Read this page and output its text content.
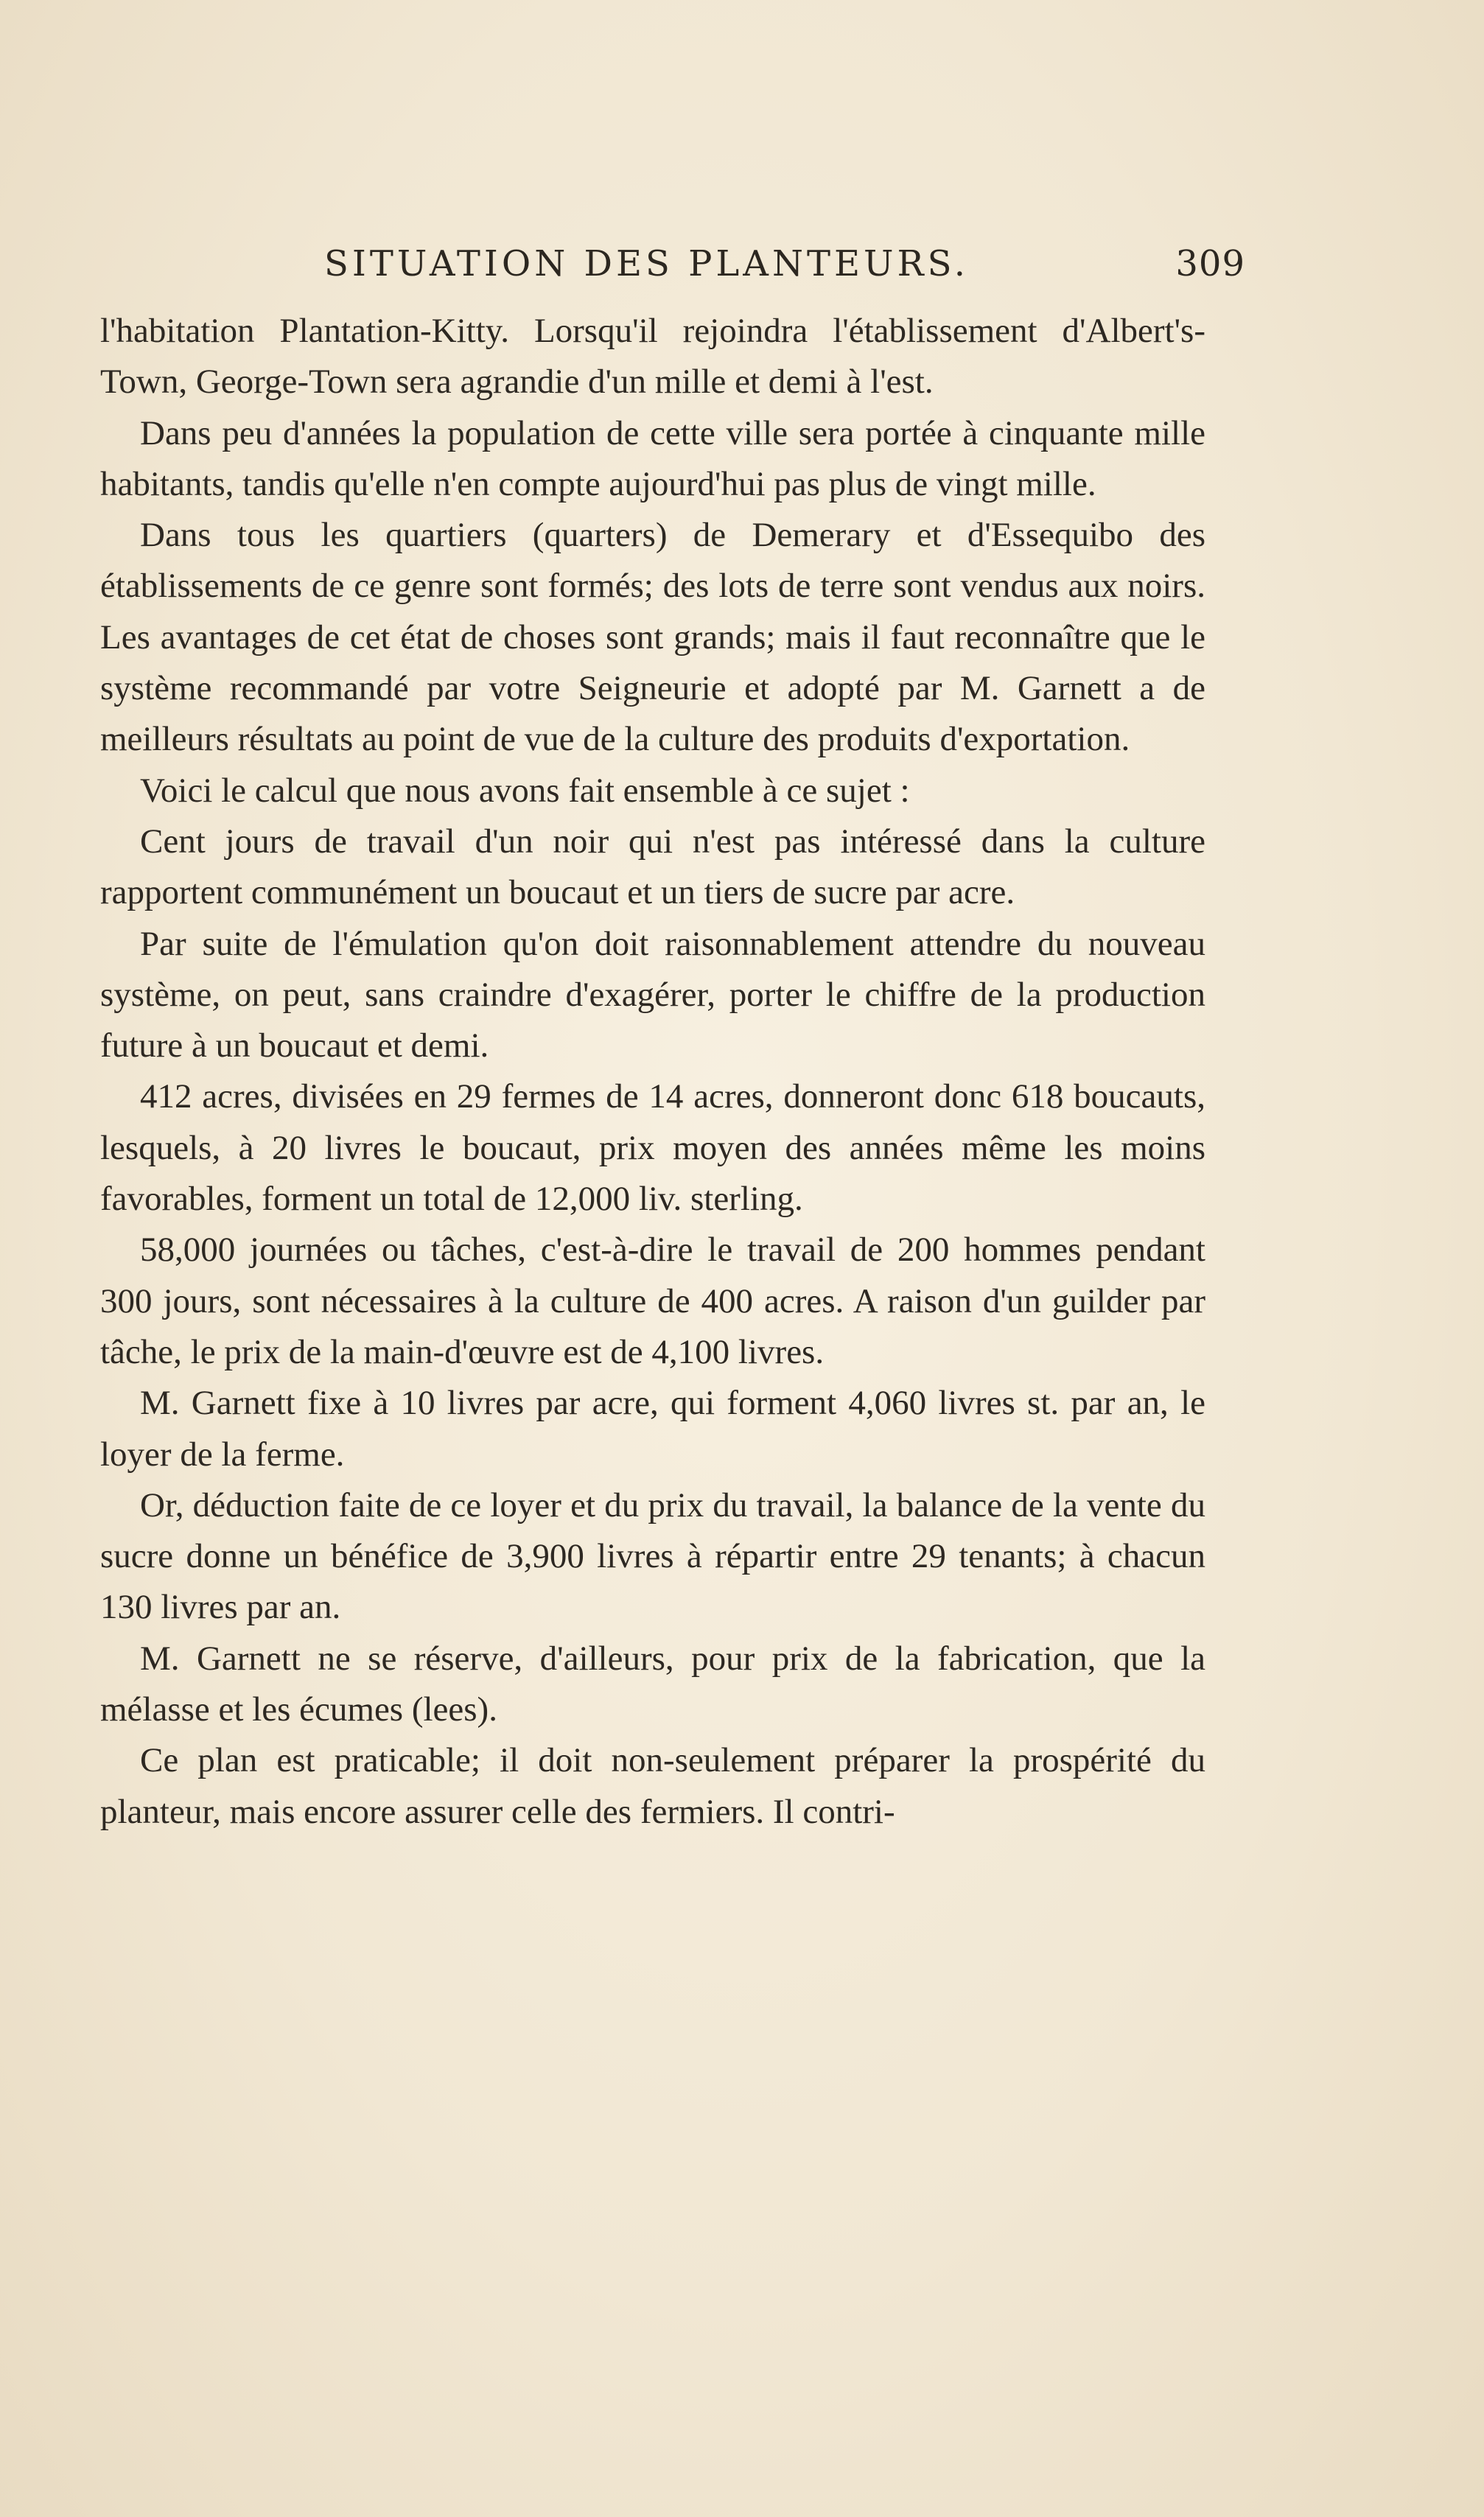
SITUATION DES PLANTEURS.	309

l'habitation Plantation-Kitty. Lorsqu'il rejoindra l'établissement d'Albert's-Town, George-Town sera agrandie d'un mille et demi à l'est.

Dans peu d'années la population de cette ville sera portée à cinquante mille habitants, tandis qu'elle n'en compte aujourd'hui pas plus de vingt mille.

Dans tous les quartiers (quarters) de Demerary et d'Essequibo des établissements de ce genre sont formés; des lots de terre sont vendus aux noirs. Les avantages de cet état de choses sont grands; mais il faut reconnaître que le système recommandé par votre Seigneurie et adopté par M. Garnett a de meilleurs résultats au point de vue de la culture des produits d'exportation.

Voici le calcul que nous avons fait ensemble à ce sujet :

Cent jours de travail d'un noir qui n'est pas intéressé dans la culture rapportent communément un boucaut et un tiers de sucre par acre.

Par suite de l'émulation qu'on doit raisonnablement attendre du nouveau système, on peut, sans craindre d'exagérer, porter le chiffre de la production future à un boucaut et demi.

412 acres, divisées en 29 fermes de 14 acres, donneront donc 618 boucauts, lesquels, à 20 livres le boucaut, prix moyen des années même les moins favorables, forment un total de 12,000 liv. sterling.

58,000 journées ou tâches, c'est-à-dire le travail de 200 hommes pendant 300 jours, sont nécessaires à la culture de 400 acres. A raison d'un guilder par tâche, le prix de la main-d'œuvre est de 4,100 livres.

M. Garnett fixe à 10 livres par acre, qui forment 4,060 livres st. par an, le loyer de la ferme.

Or, déduction faite de ce loyer et du prix du travail, la balance de la vente du sucre donne un bénéfice de 3,900 livres à répartir entre 29 tenants; à chacun 130 livres par an.

M. Garnett ne se réserve, d'ailleurs, pour prix de la fabrication, que la mélasse et les écumes (lees).

Ce plan est praticable; il doit non-seulement préparer la prospérité du planteur, mais encore assurer celle des fermiers. Il contri-
